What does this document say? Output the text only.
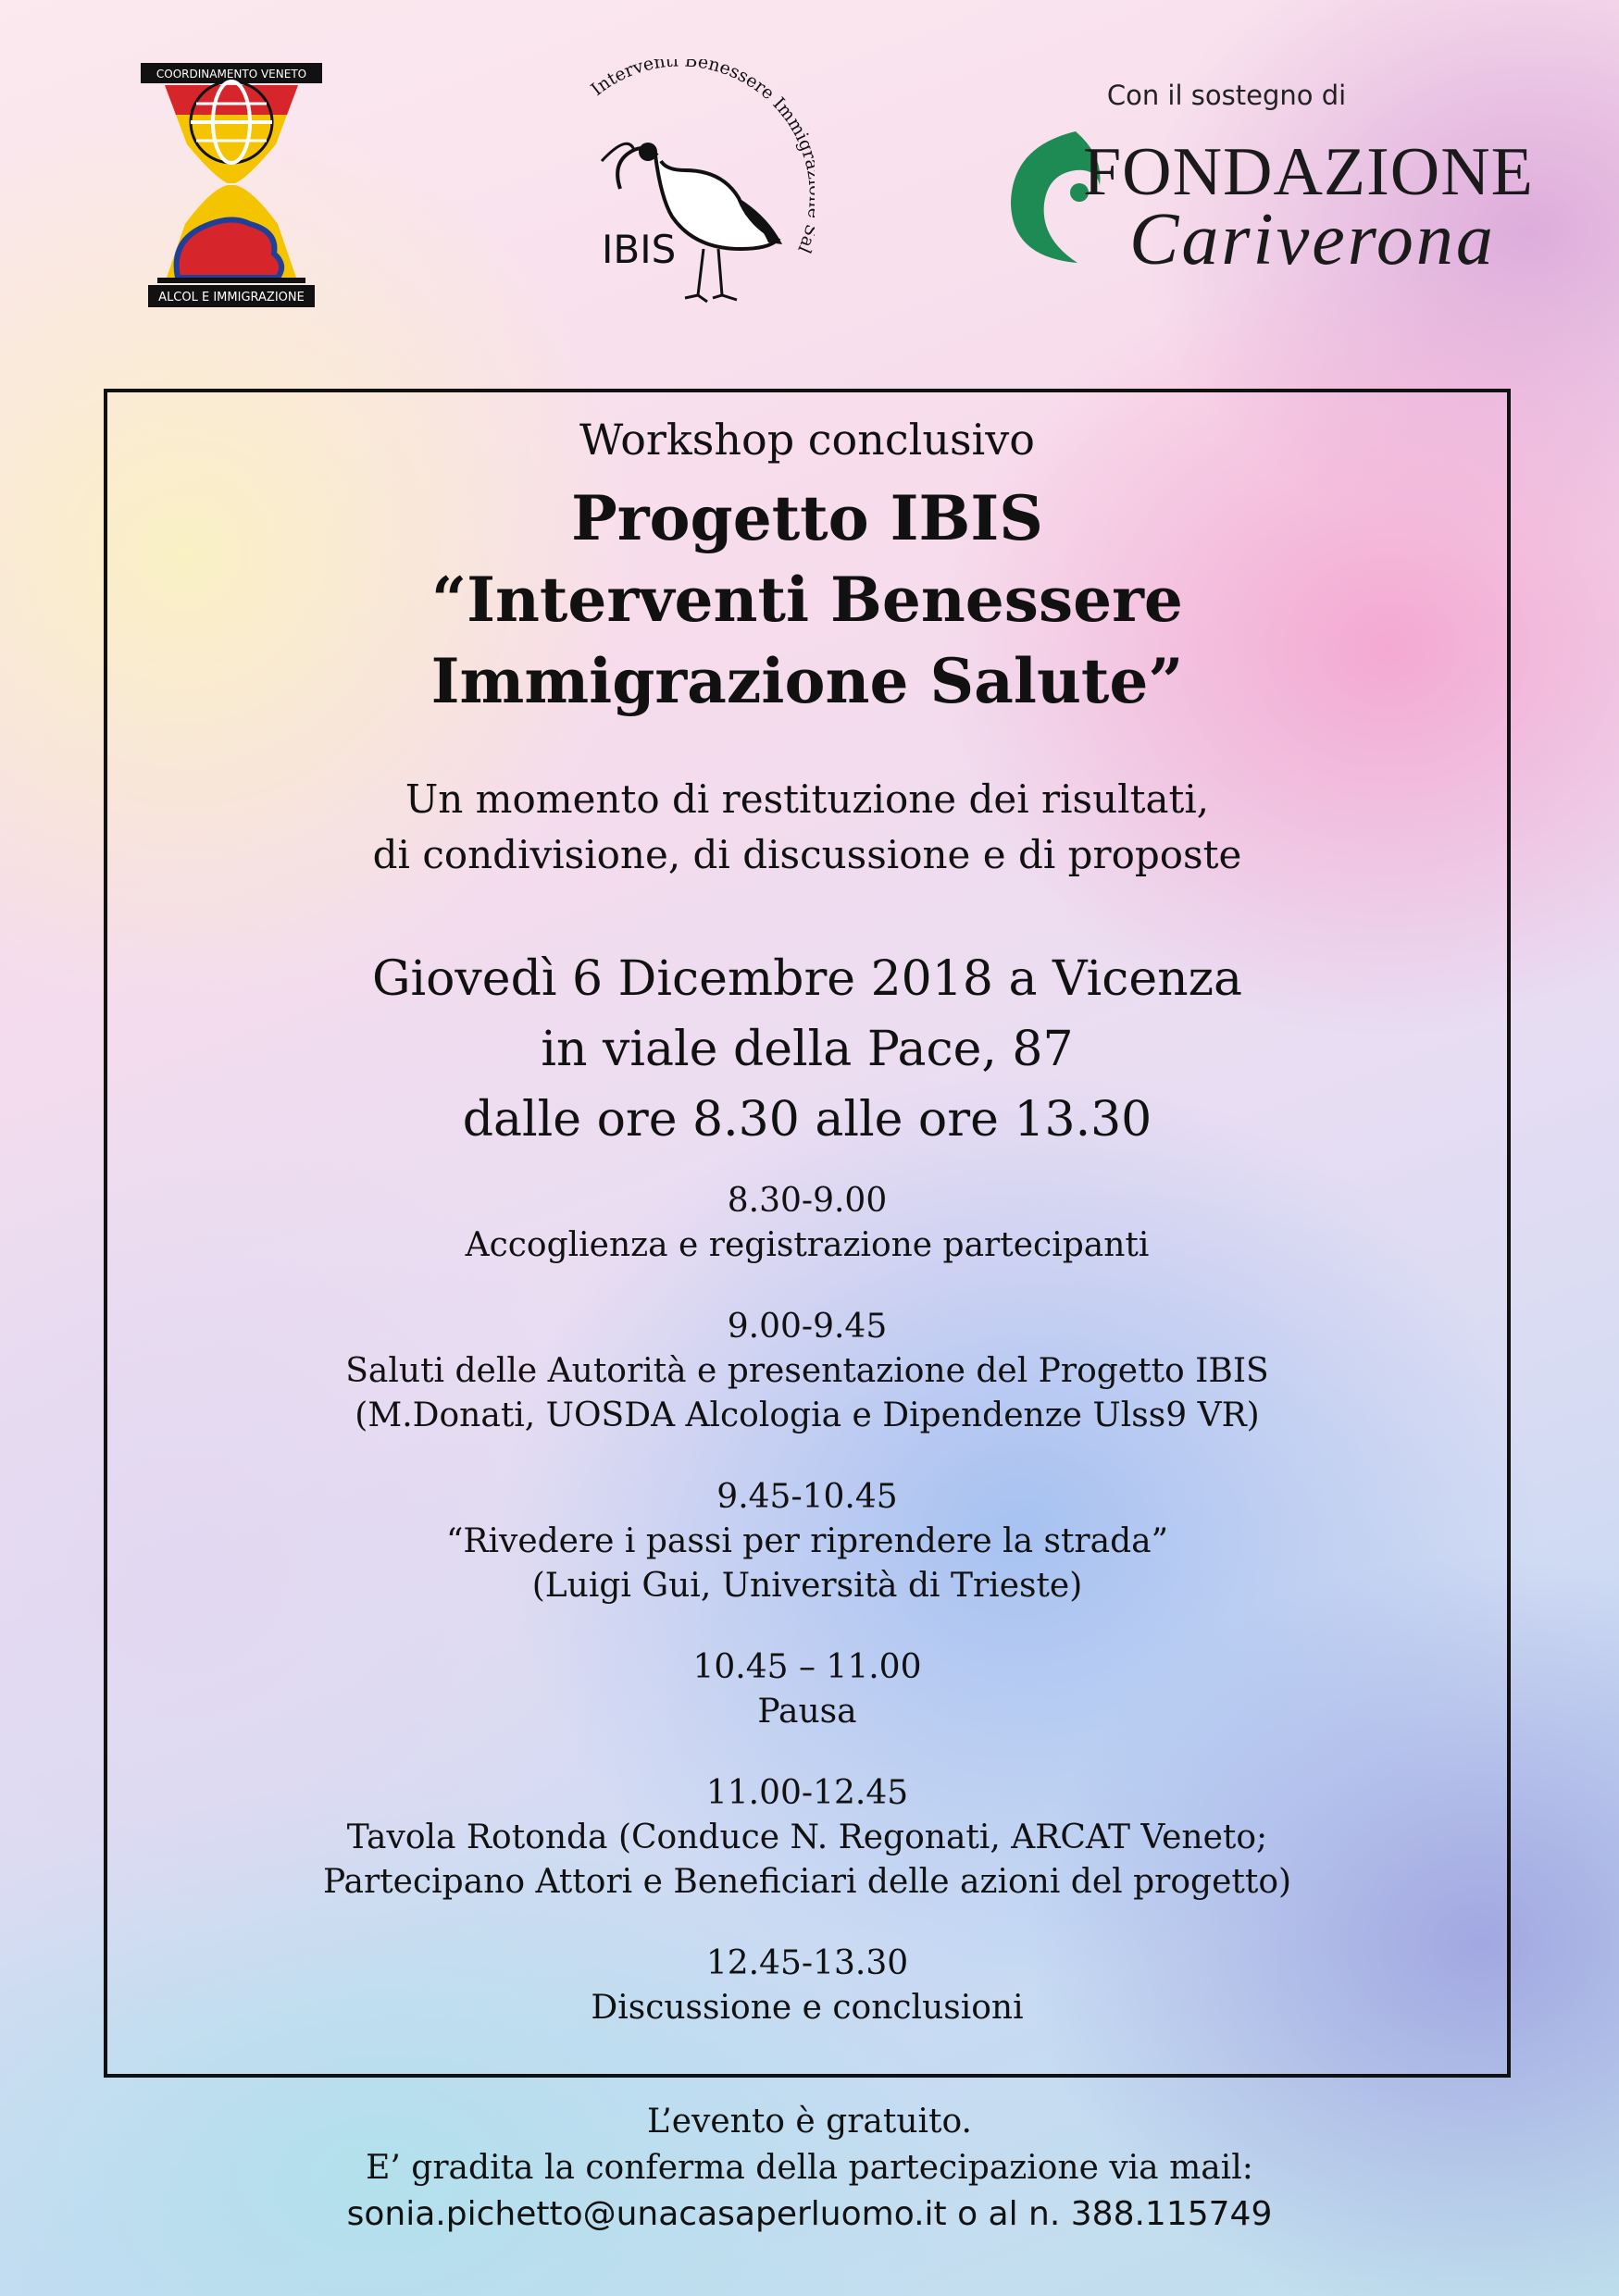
COORDINAMENTO VENETO
ALCOL E IMMIGRAZIONE
Interventi Benessere Immi l
IBIS
Con il sostegno di
FONDAZIONE
Cariverona

Workshop conclusivo

Progetto IBIS

“Interventi Benessere

Immigrazione Salute”

Un momento di restituzione dei risultati,

di condivisione, di discussione e di proposte

Giovedì 6 Dicembre 2018 a Vicenza

in viale della Pace, 87

dalle ore 8.30 alle ore 13.30

8.30-9.00
Accoglienza e registrazione partecipanti
9.00-9.45
Saluti delle Autorità e presentazione del Progetto IBIS
(M.Donati, UOSDA Alcologia e Dipendenze Ulss9 VR)
9.45-10.45
“Rivedere i passi per riprendere la strada”
(Luigi Gui, Università di Trieste)
10.45 – 11.00
Pausa
11.00-12.45
Tavola Rotonda (Conduce N. Regonati, ARCAT Veneto;
Partecipano Attori e Beneficiari delle azioni del progetto)
12.45-13.30
Discussione e conclusioni
L’evento è gratuito.
E’ gradita la conferma della partecipazione via mail:
sonia.pichetto@unacasaperluomo.it o al n. 388.115749
